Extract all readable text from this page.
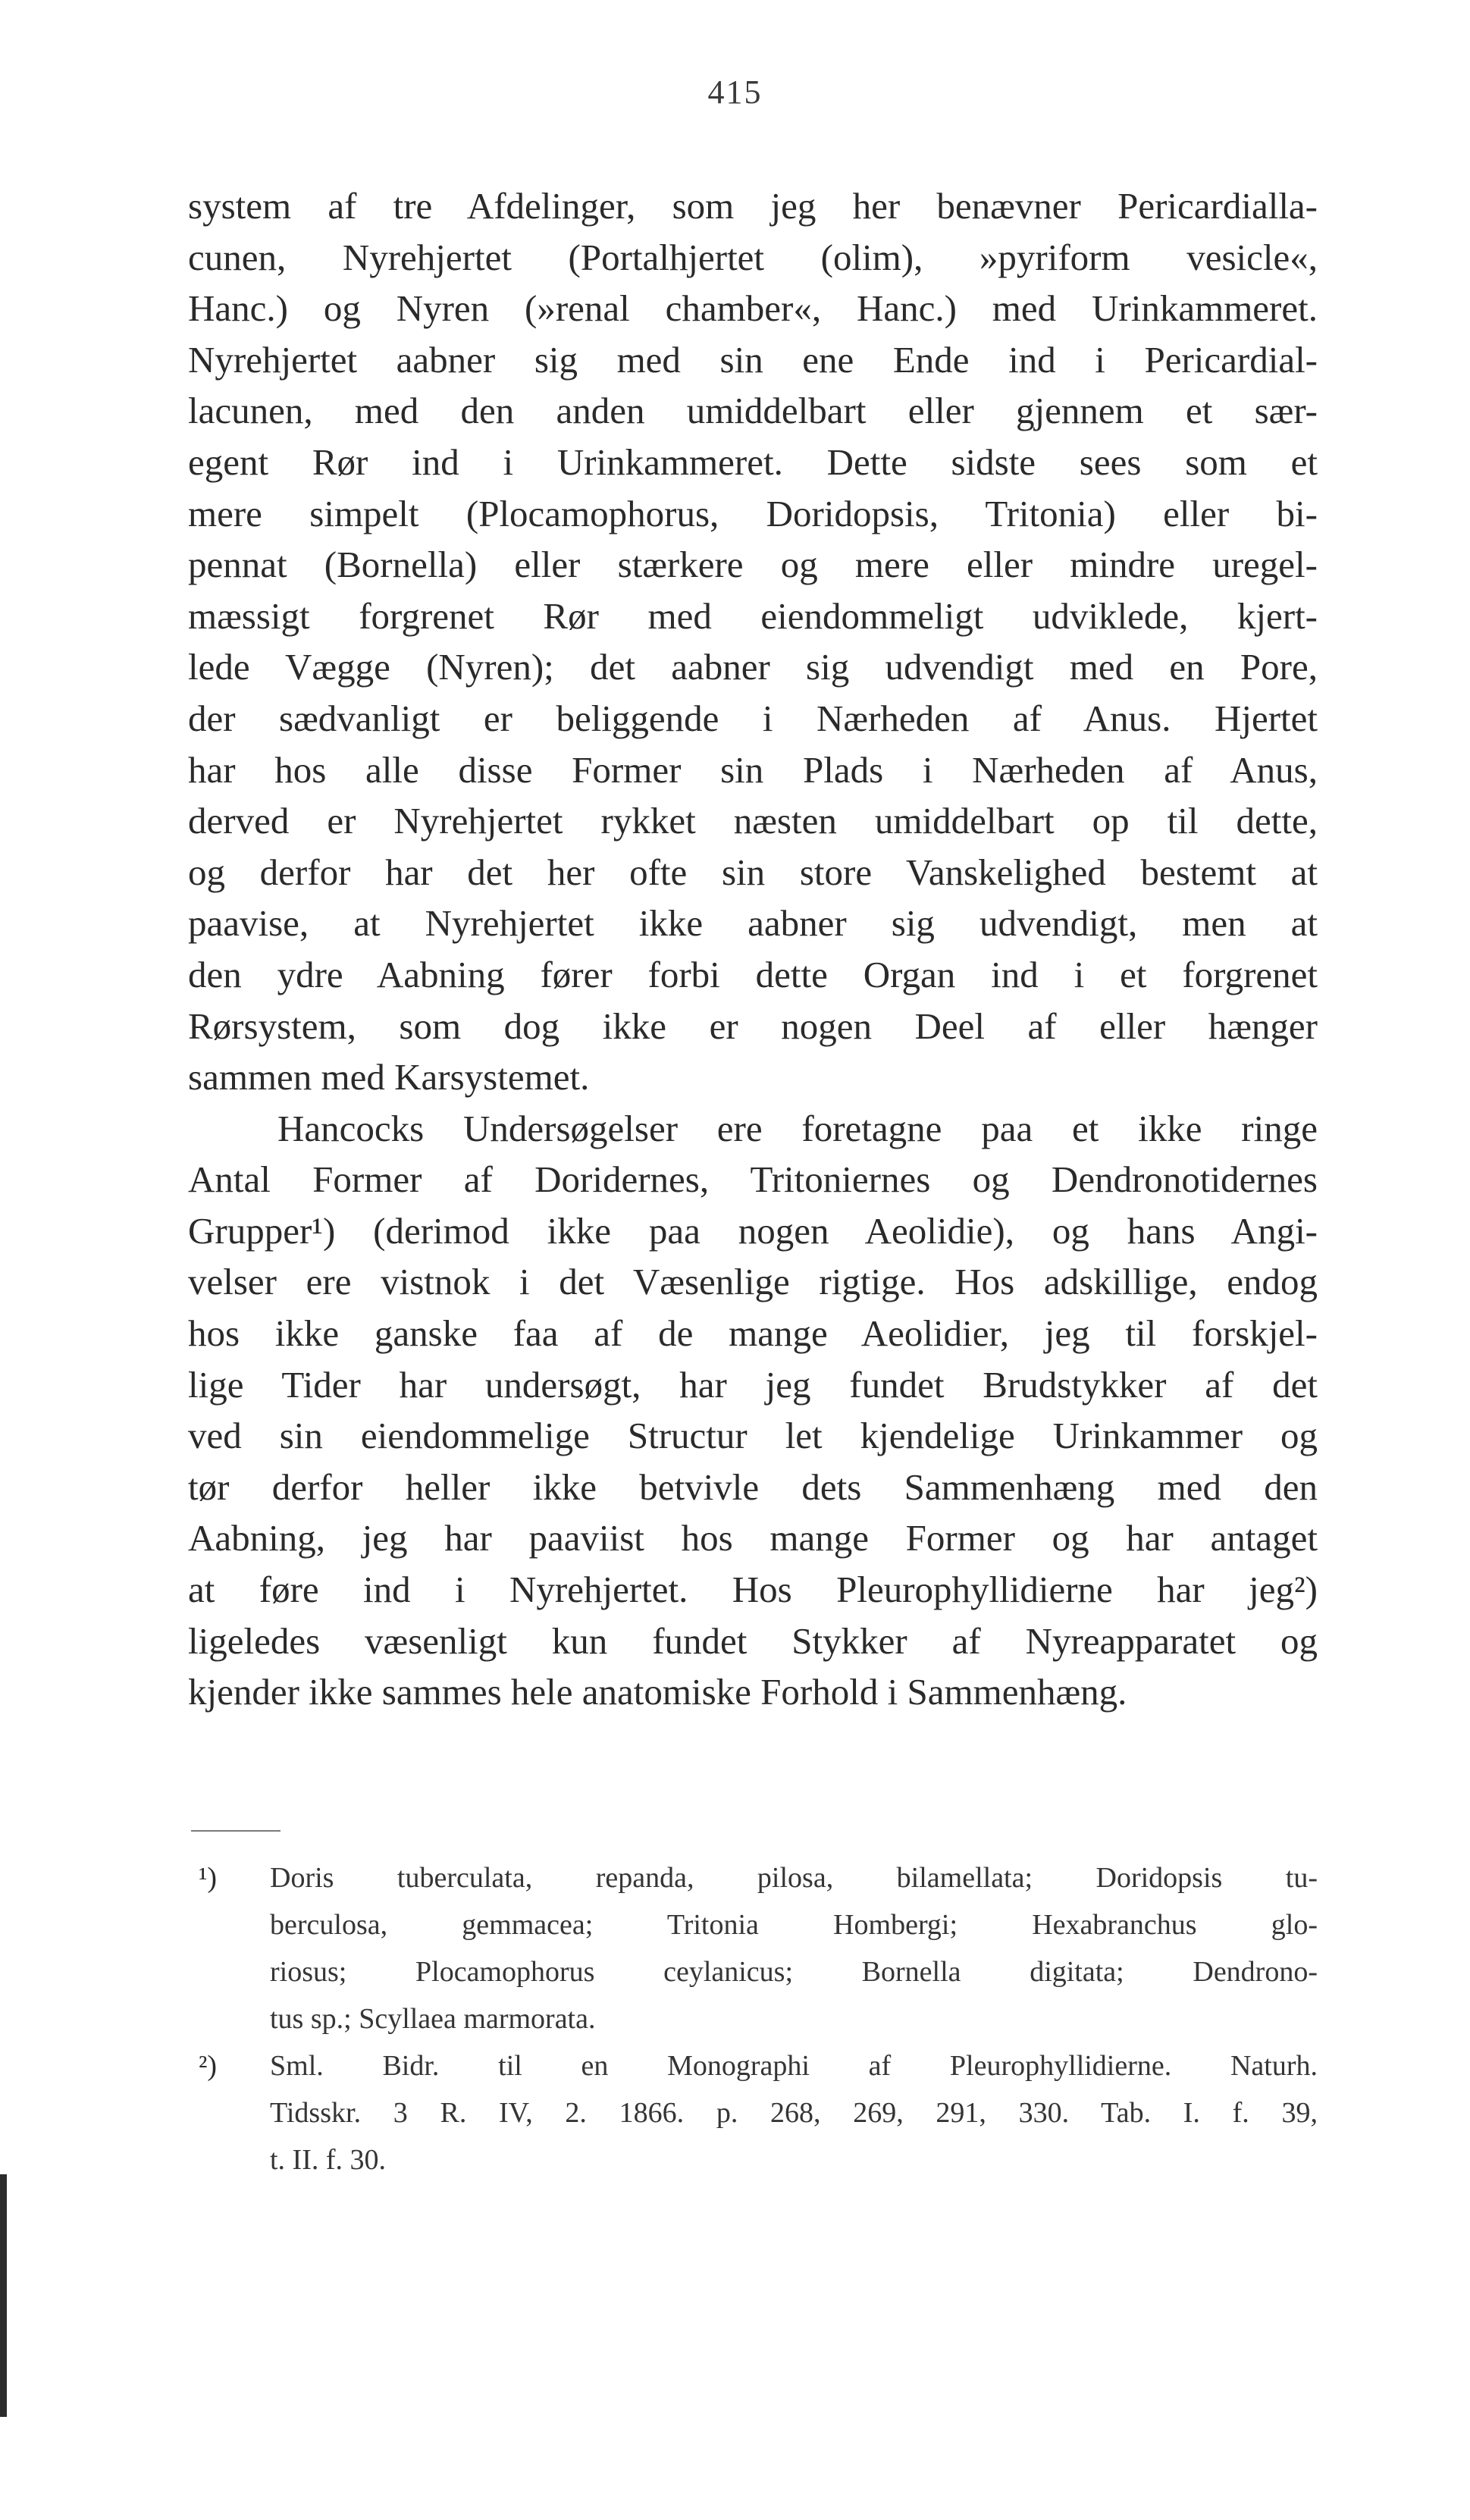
415
system af tre Afdelinger, som jeg her benævner Pericardialla-
cunen, Nyrehjertet (Portalhjertet (olim), »pyriform vesicle«,
Hanc.) og Nyren (»renal chamber«, Hanc.) med Urinkammeret.
Nyrehjertet aabner sig med sin ene Ende ind i Pericardial-
lacunen, med den anden umiddelbart eller gjennem et sær-
egent Rør ind i Urinkammeret. Dette sidste sees som et
mere simpelt (Plocamophorus, Doridopsis, Tritonia) eller bi-
pennat (Bornella) eller stærkere og mere eller mindre uregel-
mæssigt forgrenet Rør med eiendommeligt udviklede, kjert-
lede Vægge (Nyren); det aabner sig udvendigt med en Pore,
der sædvanligt er beliggende i Nærheden af Anus. Hjertet
har hos alle disse Former sin Plads i Nærheden af Anus,
derved er Nyrehjertet rykket næsten umiddelbart op til dette,
og derfor har det her ofte sin store Vanskelighed bestemt at
paavise, at Nyrehjertet ikke aabner sig udvendigt, men at
den ydre Aabning fører forbi dette Organ ind i et forgrenet
Rørsystem, som dog ikke er nogen Deel af eller hænger
sammen med Karsystemet.
Hancocks Undersøgelser ere foretagne paa et ikke ringe
Antal Former af Doridernes, Tritoniernes og Dendronotidernes
Grupper¹) (derimod ikke paa nogen Aeolidie), og hans Angi-
velser ere vistnok i det Væsenlige rigtige. Hos adskillige, endog
hos ikke ganske faa af de mange Aeolidier, jeg til forskjel-
lige Tider har undersøgt, har jeg fundet Brudstykker af det
ved sin eiendommelige Structur let kjendelige Urinkammer og
tør derfor heller ikke betvivle dets Sammenhæng med den
Aabning, jeg har paaviist hos mange Former og har antaget
at føre ind i Nyrehjertet. Hos Pleurophyllidierne har jeg²)
ligeledes væsenligt kun fundet Stykker af Nyreapparatet og
kjender ikke sammes hele anatomiske Forhold i Sammenhæng.
¹)	Doris tuberculata, repanda, pilosa, bilamellata; Doridopsis tu-
berculosa, gemmacea; Tritonia Hombergi; Hexabranchus glo-
riosus; Plocamophorus ceylanicus; Bornella digitata; Dendrono-
tus sp.; Scyllaea marmorata.
²)	Sml. Bidr. til en Monographi af Pleurophyllidierne. Naturh.
Tidsskr. 3 R. IV, 2. 1866. p. 268, 269, 291, 330. Tab. I. f. 39,
t. II. f. 30.
